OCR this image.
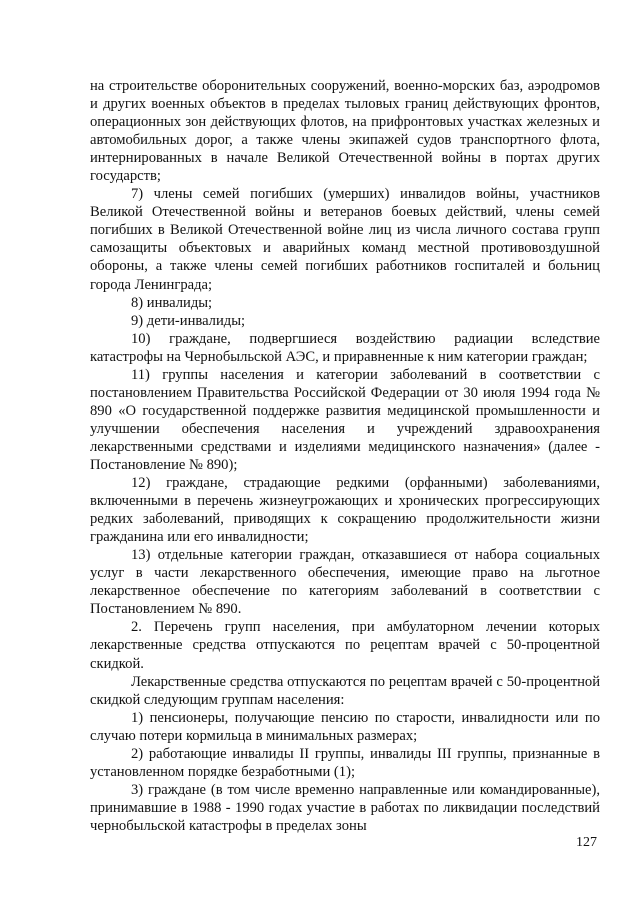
на строительстве оборонительных сооружений, военно-морских баз, аэродромов и других военных объектов в пределах тыловых границ действующих фронтов, операционных зон действующих флотов, на прифронтовых участках железных и автомобильных дорог, а также члены экипажей судов транспортного флота, интернированных в начале Великой Отечественной войны в портах других государств;

7) члены семей погибших (умерших) инвалидов войны, участников Великой Отечественной войны и ветеранов боевых действий, члены семей погибших в Великой Отечественной войне лиц из числа личного состава групп самозащиты объектовых и аварийных команд местной противовоздушной обороны, а также члены семей погибших работников госпиталей и больниц города Ленинграда;

8) инвалиды;

9) дети-инвалиды;

10) граждане, подвергшиеся воздействию радиации вследствие катастрофы на Чернобыльской АЭС, и приравненные к ним категории граждан;

11) группы населения и категории заболеваний в соответствии с постановлением Правительства Российской Федерации от 30 июля 1994 года № 890 «О государственной поддержке развития медицинской промышленности и улучшении обеспечения населения и учреждений здравоохранения лекарственными средствами и изделиями медицинского назначения» (далее - Постановление № 890);

12) граждане, страдающие редкими (орфанными) заболеваниями, включенными в перечень жизнеугрожающих и хронических прогрессирующих редких заболеваний, приводящих к сокращению продолжительности жизни гражданина или его инвалидности;

13) отдельные категории граждан, отказавшиеся от набора социальных услуг в части лекарственного обеспечения, имеющие право на льготное лекарственное обеспечение по категориям заболеваний в соответствии с Постановлением № 890.

2. Перечень групп населения, при амбулаторном лечении которых лекарственные средства отпускаются по рецептам врачей с 50-процентной скидкой.

Лекарственные средства отпускаются по рецептам врачей с 50-процентной скидкой следующим группам населения:

1) пенсионеры, получающие пенсию по старости, инвалидности или по случаю потери кормильца в минимальных размерах;

2) работающие инвалиды II группы, инвалиды III группы, признанные в установленном порядке безработными (1);

3) граждане (в том числе временно направленные или командированные), принимавшие в 1988 - 1990 годах участие в работах по ликвидации последствий чернобыльской катастрофы в пределах зоны

127
